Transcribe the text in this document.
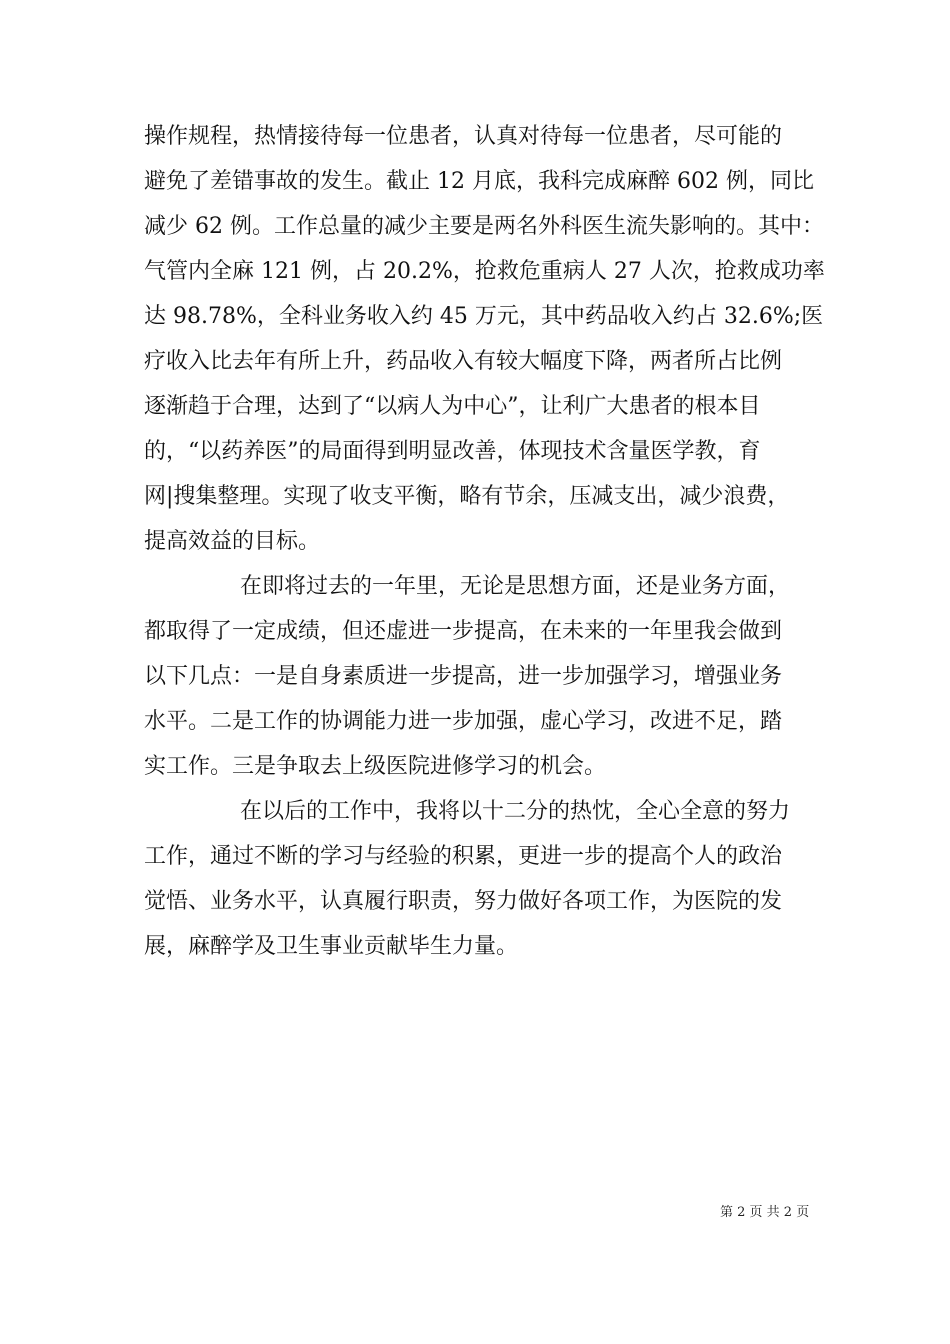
操作规程，热情接待每一位患者，认真对待每一位患者，尽可能的
避免了差错事故的发生。截止 12 月底，我科完成麻醉 602 例，同比
减少 62 例。工作总量的减少主要是两名外科医生流失影响的。其中：
气管内全麻 121 例，占 20.2%，抢救危重病人 27 人次，抢救成功率
达 98.78%，全科业务收入约 45 万元，其中药品收入约占 32.6%;医
疗收入比去年有所上升，药品收入有较大幅度下降，两者所占比例
逐渐趋于合理，达到了“以病人为中心”，让利广大患者的根本目
的，“以药养医”的局面得到明显改善，体现技术含量医学教，育
网|搜集整理。实现了收支平衡，略有节余，压减支出，减少浪费，
提高效益的目标。
在即将过去的一年里，无论是思想方面，还是业务方面，
都取得了一定成绩，但还虚进一步提高，在未来的一年里我会做到
以下几点：一是自身素质进一步提高，进一步加强学习，增强业务
水平。二是工作的协调能力进一步加强，虚心学习，改进不足，踏
实工作。三是争取去上级医院进修学习的机会。
在以后的工作中，我将以十二分的热忱，全心全意的努力
工作，通过不断的学习与经验的积累，更进一步的提高个人的政治
觉悟、业务水平，认真履行职责，努力做好各项工作，为医院的发
展，麻醉学及卫生事业贡献毕生力量。
第 2 页 共 2 页
